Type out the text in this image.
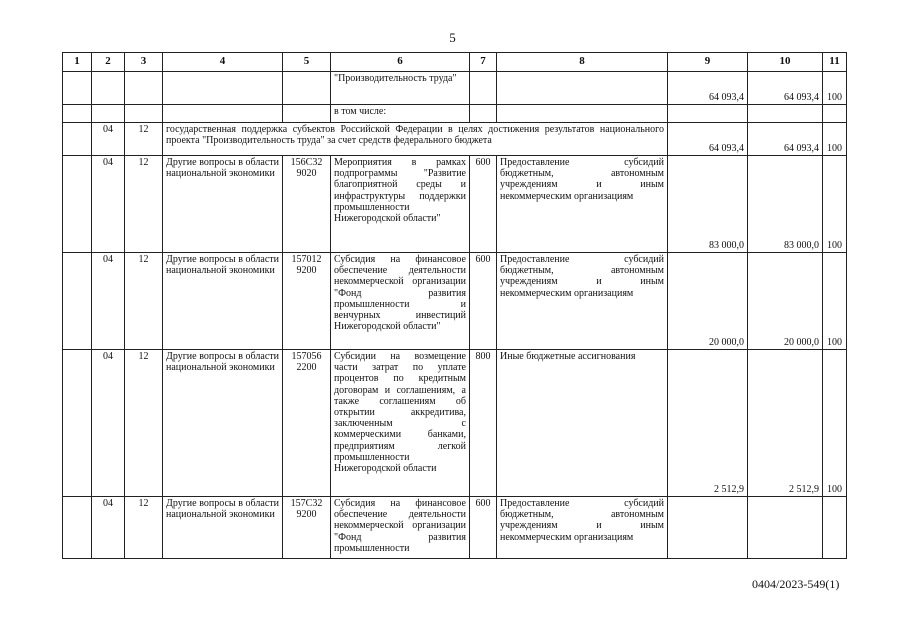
5
1	2	3	4	5	6	7	8	9	10	11
					"Производительность труда"			64 093,4	64 093,4	100
					в том числе:					
	04	12	государственная поддержка субъектов Российской Федерации в целях достижения результатов национального проекта "Производительность труда" за счет средств федерального бюджета					64 093,4	64 093,4	100
	04	12	Другие вопросы в области национальной экономики	156С32 9020	Мероприятия в рамках подпрограммы "Развитие благоприятной среды и инфраструктуры поддержки промышленности Нижегородской области"	600	Предоставление субсидий бюджетным, автономным учреждениям и иным некоммерческим организациям	83 000,0	83 000,0	100
	04	12	Другие вопросы в области национальной экономики	157012 9200	Субсидия на финансовое обеспечение деятельности некоммерческой организации "Фонд развития промышленности и венчурных инвестиций Нижегородской области"	600	Предоставление субсидий бюджетным, автономным учреждениям и иным некоммерческим организациям	20 000,0	20 000,0	100
	04	12	Другие вопросы в области национальной экономики	157056 2200	Субсидии на возмещение части затрат по уплате процентов по кредитным договорам и соглашениям, а также соглашениям об открытии аккредитива, заключенным с коммерческими банками, предприятиям легкой промышленности Нижегородской области	800	Иные бюджетные ассигнования	2 512,9	2 512,9	100
	04	12	Другие вопросы в области национальной экономики	157С32 9200	Субсидия на финансовое обеспечение деятельности некоммерческой организации "Фонд развития промышленности	600	Предоставление субсидий бюджетным, автономным учреждениям и иным некоммерческим организациям			
0404/2023-549(1)
